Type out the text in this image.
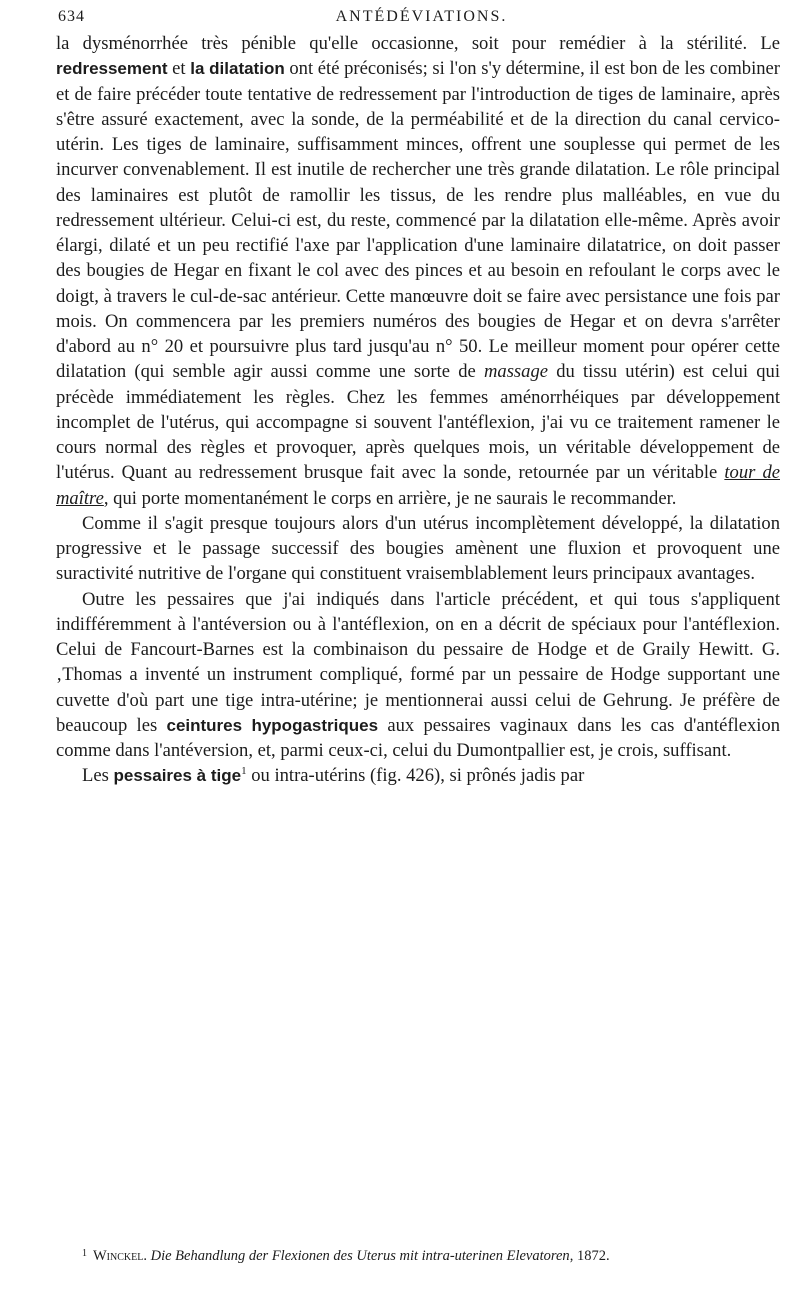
634	ANTÉDÉVIATIONS.

la dysménorrhée très pénible qu'elle occasionne, soit pour remédier à la stérilité. Le redressement et la dilatation ont été préconisés; si l'on s'y détermine, il est bon de les combiner et de faire précéder toute tentative de redressement par l'introduction de tiges de laminaire, après s'être assuré exactement, avec la sonde, de la perméabilité et de la direction du canal cervico-utérin. Les tiges de laminaire, suffisamment minces, offrent une souplesse qui permet de les incurver convenablement. Il est inutile de rechercher une très grande dilatation. Le rôle principal des laminaires est plutôt de ramollir les tissus, de les rendre plus malléables, en vue du redressement ultérieur. Celui-ci est, du reste, commencé par la dilatation elle-même. Après avoir élargi, dilaté et un peu rectifié l'axe par l'application d'une laminaire dilatatrice, on doit passer des bougies de Hegar en fixant le col avec des pinces et au besoin en refoulant le corps avec le doigt, à travers le cul-de-sac antérieur. Cette manœuvre doit se faire avec persistance une fois par mois. On commencera par les premiers numéros des bougies de Hegar et on devra s'arrêter d'abord au n° 20 et poursuivre plus tard jusqu'au n° 50. Le meilleur moment pour opérer cette dilatation (qui semble agir aussi comme une sorte de massage du tissu utérin) est celui qui précède immédiatement les règles. Chez les femmes aménorrhéiques par développement incomplet de l'utérus, qui accompagne si souvent l'antéflexion, j'ai vu ce traitement ramener le cours normal des règles et provoquer, après quelques mois, un véritable développement de l'utérus. Quant au redressement brusque fait avec la sonde, retournée par un véritable tour de maître, qui porte momentanément le corps en arrière, je ne saurais le recommander.

Comme il s'agit presque toujours alors d'un utérus incomplètement développé, la dilatation progressive et le passage successif des bougies amènent une fluxion et provoquent une suractivité nutritive de l'organe qui constituent vraisemblablement leurs principaux avantages.

Outre les pessaires que j'ai indiqués dans l'article précédent, et qui tous s'appliquent indifféremment à l'antéversion ou à l'antéflexion, on en a décrit de spéciaux pour l'antéflexion. Celui de Fancourt-Barnes est la combinaison du pessaire de Hodge et de Graily Hewitt. G.‚Thomas a inventé un instrument compliqué, formé par un pessaire de Hodge supportant une cuvette d'où part une tige intra-utérine; je mentionnerai aussi celui de Gehrung. Je préfère de beaucoup les ceintures hypogastriques aux pessaires vaginaux dans les cas d'antéflexion comme dans l'antéversion, et, parmi ceux-ci, celui du Dumontpallier est, je crois, suffisant.

Les pessaires à tige$^1$ ou intra-utérins (fig. 426), si prônés jadis par

$^1$ Winckel. Die Behandlung der Flexionen des Uterus mit intra-uterinen Elevatoren, 1872.
